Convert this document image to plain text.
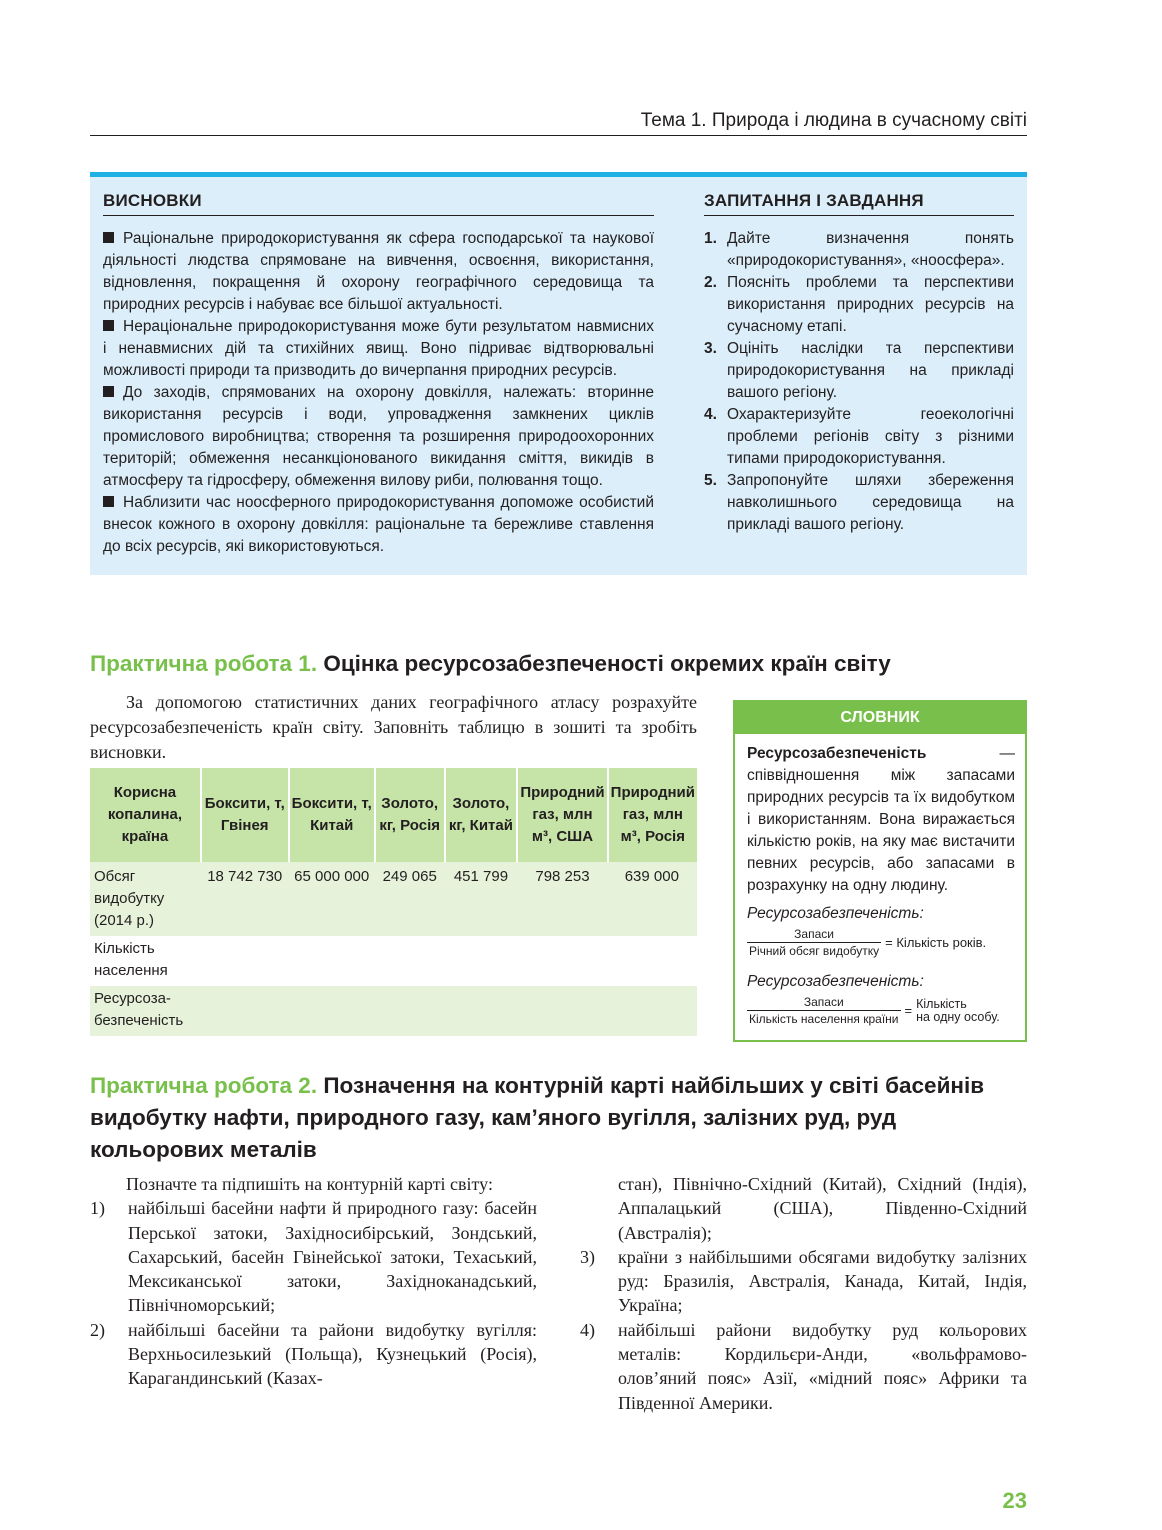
Тема 1. Природа і людина в сучасному світі
ВИСНОВКИ

Раціональне природокористування як сфера господарської та наукової діяльності людства спрямоване на вивчення, освоєння, використання, відновлення, покращення й охорону географічного середовища та природних ресурсів і набуває все більшої актуальності.

Нераціональне природокористування може бути результатом навмисних і ненавмисних дій та стихійних явищ. Воно підриває відтворювальні можливості природи та призводить до вичерпання природних ресурсів.

До заходів, спрямованих на охорону довкілля, належать: вторинне використання ресурсів і води, упровадження замкнених циклів промислового виробництва; створення та розширення природоохоронних територій; обмеження несанкціонованого викидання сміття, викидів в атмосферу та гідросферу, обмеження вилову риби, полювання тощо.

Наблизити час ноосферного природокористування допоможе особистий внесок кожного в охорону довкілля: раціональне та бережливе ставлення до всіх ресурсів, які використовуються.

ЗАПИТАННЯ І ЗАВДАННЯ
1. Дайте визначення понять «природокористування», «ноосфера».
2. Поясніть проблеми та перспективи використання природних ресурсів на сучасному етапі.
3. Оцініть наслідки та перспективи природокористування на прикладі вашого регіону.
4. Охарактеризуйте геоекологічні проблеми регіонів світу з різними типами природокористування.
5. Запропонуйте шляхи збереження навколишнього середовища на прикладі вашого регіону.
Практична робота 1. Оцінка ресурсозабезпеченості окремих країн світу

За допомогою статистичних даних географічного атласу розрахуйте ресурсозабезпеченість країн світу. Заповніть таблицю в зошиті та зробіть висновки.

Корисна копалина, країна	Боксити, т, Гвінея	Боксити, т, Китай	Золото, кг, Росія	Золото, кг, Китай	Природний газ, млн м³, США	Природний газ, млн м³, Росія
Обсяг видобутку (2014 р.)	18 742 730	65 000 000	249 065	451 799	798 253	639 000
Кількість населення						
Ресурсоза-
безпеченість						
СЛОВНИК

Ресурсозабезпеченість — співвідношення між запасами природних ресурсів та їх видобутком і використанням. Вона виражається кількістю років, на яку має вистачити певних ресурсів, або запасами в розрахунку на одну людину.

Ресурсозабезпеченість:
$\frac{\text{Запаси}}{\text{Річний обсяг видобутку}}$ = Кількість років.
Ресурсозабезпеченість:
$\frac{\text{Запаси}}{\text{Кількість населення країни}}$ = Кількість
на одну особу.
Практична робота 2. Позначення на контурній карті найбільших у світі басейнів видобутку нафти, природного газу, кам’яного вугілля, залізних руд, руд кольорових металів

Позначте та підпишіть на контурній карті світу:

1) найбільші басейни нафти й природного газу: басейн Перської затоки, Західносибірський, Зондський, Сахарський, басейн Гвінейської затоки, Техаський, Мексиканської затоки, Західноканадський, Північноморський;
2) найбільші басейни та райони видобутку вугілля: Верхньосилезький (Польща), Кузнецький (Росія), Карагандинський (Казах-

стан), Північно-Східний (Китай), Східний (Індія), Аппалацький (США), Південно-Східний (Австралія);

3) країни з найбільшими обсягами видобутку залізних руд: Бразилія, Австралія, Канада, Китай, Індія, Україна;
4) найбільші райони видобутку руд кольорових металів: Кордильєри-Анди, «вольфрамово-олов’яний пояс» Азії, «мідний пояс» Африки та Південної Америки.
23
